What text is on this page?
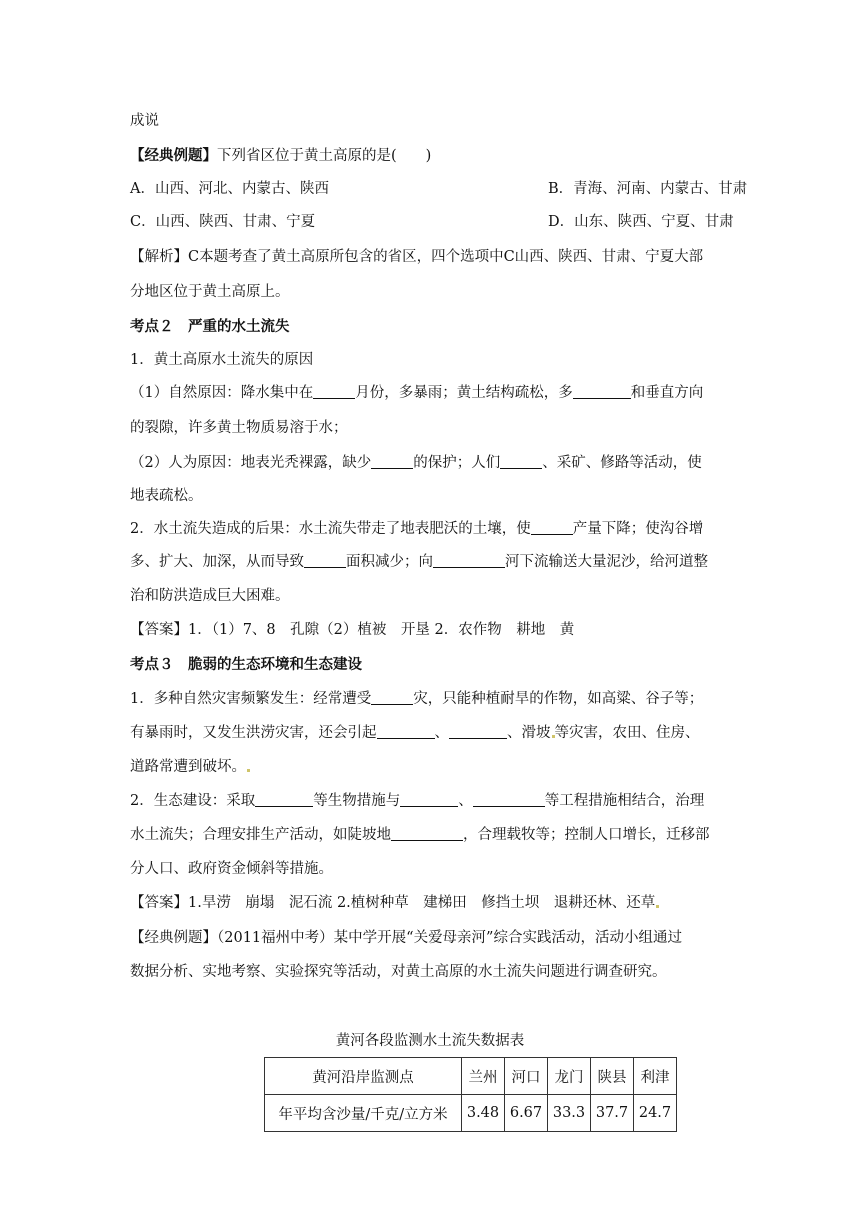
成说
【经典例题】下列省区位于黄土高原的是(　　)
A．山西、河北、内蒙古、陕西	B．青海、河南、内蒙古、甘肃
C．山西、陕西、甘肃、宁夏	D．山东、陕西、宁夏、甘肃
【解析】C本题考查了黄土高原所包含的省区，四个选项中C山西、陕西、甘肃、宁夏大部
分地区位于黄土高原上。
考点２　严重的水土流失
1．黄土高原水土流失的原因
（1）自然原因：降水集中在	月份，多暴雨；黄土结构疏松，多	和垂直方向
的裂隙，许多黄土物质易溶于水；
（2）人为原因：地表光秃裸露，缺少	的保护；人们	、采矿、修路等活动，使
地表疏松。
2．水土流失造成的后果：水土流失带走了地表肥沃的土壤，使	产量下降；使沟谷增
多、扩大、加深，从而导致	面积减少；向	河下流输送大量泥沙，给河道整
治和防洪造成巨大困难。
【答案】1．（1）7、8　孔隙（2）植被　开垦 2．农作物　耕地　黄
考点３　脆弱的生态环境和生态建设
1．多种自然灾害频繁发生：经常遭受	灾，只能种植耐旱的作物，如高粱、谷子等；
有暴雨时，又发生洪涝灾害，还会引起	、	、滑坡 等灾害，农田、住房、
道路常遭到破坏。
2．生态建设：采取	等生物措施与	、	等工程措施相结合，治理
水土流失；合理安排生产活动，如陡坡地	，合理载牧等；控制人口增长，迁移部
分人口、政府资金倾斜等措施。
【答案】1.旱涝　崩塌　泥石流 2.植树种草　建梯田　修挡土坝　退耕还林、还草
【经典例题】（2011福州中考）某中学开展“关爱母亲河”综合实践活动，活动小组通过
数据分析、实地考察、实验探究等活动，对黄土高原的水土流失问题进行调查研究。
黄河各段监测水土流失数据表
黄河沿岸监测点	兰州	河口	龙门	陕县	利津
年平均含沙量/千克/立方米	3.48	6.67	33.3	37.7	24.7
